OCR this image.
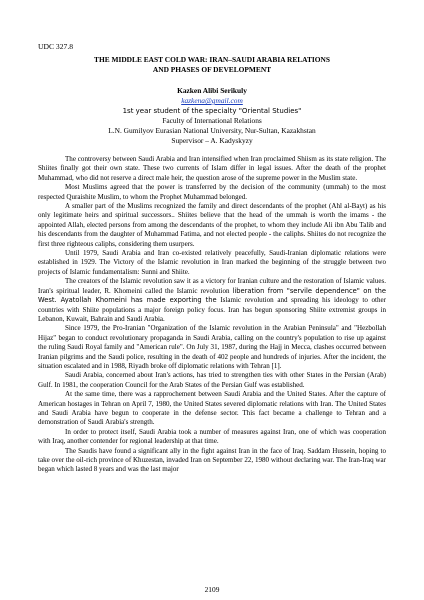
UDC 327.8
THE MIDDLE EAST COLD WAR: IRAN–SAUDI ARABIA RELATIONS
AND PHASES OF DEVELOPMENT
Kazken Alibi Serikuly
kazkena@gmail.com
1st year student of the specialty "Oriental Studies"
Faculty of International Relations
L.N. Gumilyov Eurasian National University, Nur-Sultan, Kazakhstan
Supervisor – A. Kadyskyzy

The controversy between Saudi Arabia and Iran intensified when Iran proclaimed Shiism as its state religion. The Shiites finally got their own state. These two currents of Islam differ in legal issues. After the death of the prophet Muhammad, who did not reserve a direct male heir, the question arose of the supreme power in the Muslim state.

Most Muslims agreed that the power is transferred by the decision of the community (ummah) to the most respected Quraishite Muslim, to whom the Prophet Muhammad belonged.

A smaller part of the Muslims recognized the family and direct descendants of the prophet (Ahl al-Bayt) as his only legitimate heirs and spiritual successors.. Shiites believe that the head of the ummah is worth the imams - the appointed Allah, elected persons from among the descendants of the prophet, to whom they include Ali ibn Abu Talib and his descendants from the daughter of Muhammad Fatima, and not elected people - the caliphs. Shiites do not recognize the first three righteous caliphs, considering them usurpers.

Until 1979, Saudi Arabia and Iran co-existed relatively peacefully, Saudi-Iranian diplomatic relations were established in 1929. The Victory of the Islamic revolution in Iran marked the beginning of the struggle between two projects of Islamic fundamentalism: Sunni and Shiite.

The creators of the Islamic revolution saw it as a victory for Iranian culture and the restoration of Islamic values. Iran's spiritual leader, R. Khomeini called the Islamic revolution liberation from "servile dependence" on the West. Ayatollah Khomeini has made exporting the Islamic revolution and spreading his ideology to other countries with Shiite populations a major foreign policy focus. Iran has begun sponsoring Shiite extremist groups in Lebanon, Kuwait, Bahrain and Saudi Arabia.

Since 1979, the Pro-Iranian "Organization of the Islamic revolution in the Arabian Peninsula" and "Hezbollah Hijaz" began to conduct revolutionary propaganda in Saudi Arabia, calling on the country's population to rise up against the ruling Saudi Royal family and "American rule". On July 31, 1987, during the Hajj in Mecca, clashes occurred between Iranian pilgrims and the Saudi police, resulting in the death of 402 people and hundreds of injuries. After the incident, the situation escalated and in 1988, Riyadh broke off diplomatic relations with Tehran [1].

Saudi Arabia, concerned about Iran's actions, has tried to strengthen ties with other States in the Persian (Arab) Gulf. In 1981, the cooperation Council for the Arab States of the Persian Gulf was established.

At the same time, there was a rapprochement between Saudi Arabia and the United States. After the capture of American hostages in Tehran on April 7, 1980, the United States severed diplomatic relations with Iran. The United States and Saudi Arabia have begun to cooperate in the defense sector. This fact became a challenge to Tehran and a demonstration of Saudi Arabia's strength.

In order to protect itself, Saudi Arabia took a number of measures against Iran, one of which was cooperation with Iraq, another contender for regional leadership at that time.

The Saudis have found a significant ally in the fight against Iran in the face of Iraq. Saddam Hussein, hoping to take over the oil-rich province of Khuzestan, invaded Iran on September 22, 1980 without declaring war. The Iran-Iraq war began which lasted 8 years and was the last major

2109
